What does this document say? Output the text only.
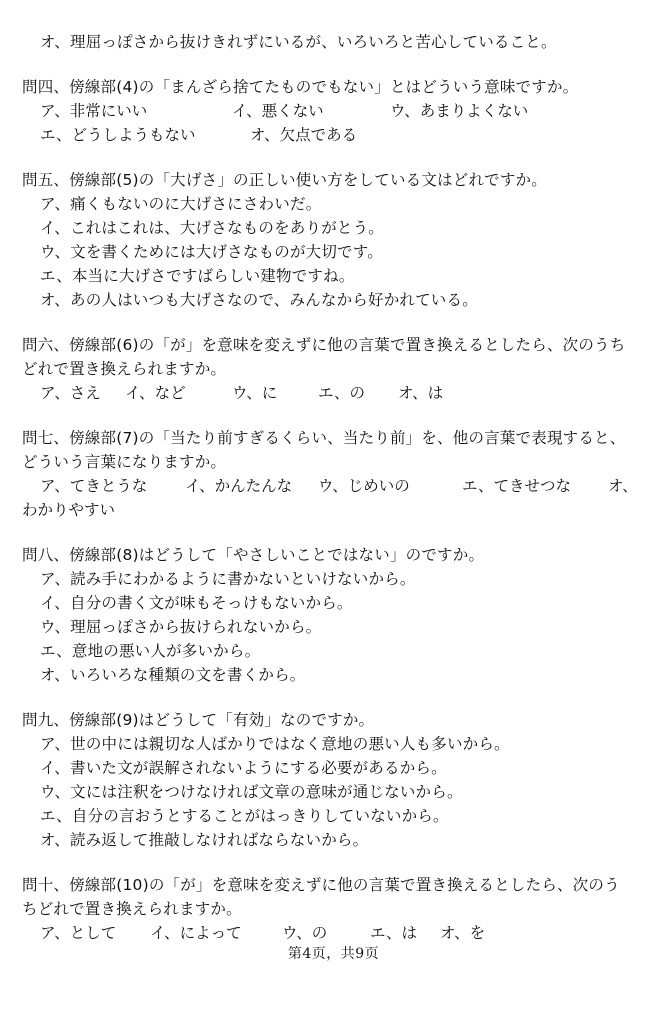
オ、理屈っぽさから抜けきれずにいるが、いろいろと苦心していること。
問四、傍線部(4)の「まんざら捨てたものでもない」とはどういう意味ですか。
ア、非常にいい	イ、悪くない	ウ、あまりよくない
エ、どうしようもない	オ、欠点である
問五、傍線部(5)の「大げさ」の正しい使い方をしている文はどれですか。
ア、痛くもないのに大げさにさわいだ。
イ、これはこれは、大げさなものをありがとう。
ウ、文を書くためには大げさなものが大切です。
エ、本当に大げさですばらしい建物ですね。
オ、あの人はいつも大げさなので、みんなから好かれている。
問六、傍線部(6)の「が」を意味を変えずに他の言葉で置き換えるとしたら、次のうち
どれで置き換えられますか。
ア、さえ イ、など	ウ、に	エ、の オ、は
問七、傍線部(7)の「当たり前すぎるくらい、当たり前」を、他の言葉で表現すると、
どういう言葉になりますか。
ア、てきとうな イ、かんたんな ウ、じめいの	エ、てきせつな オ、
わかりやすい
問八、傍線部(8)はどうして「やさしいことではない」のですか。
ア、読み手にわかるように書かないといけないから。
イ、自分の書く文が味もそっけもないから。
ウ、理屈っぽさから抜けられないから。
エ、意地の悪い人が多いから。
オ、いろいろな種類の文を書くから。
問九、傍線部(9)はどうして「有効」なのですか。
ア、世の中には親切な人ばかりではなく意地の悪い人も多いから。
イ、書いた文が誤解されないようにする必要があるから。
ウ、文には注釈をつけなければ文章の意味が通じないから。
エ、自分の言おうとすることがはっきりしていないから。
オ、読み返して推敲しなければならないから。
問十、傍線部(10)の「が」を意味を変えずに他の言葉で置き換えるとしたら、次のう
ちどれで置き換えられますか。
ア、として イ、によって	ウ、の	エ、は オ、を
第4页，共9页
